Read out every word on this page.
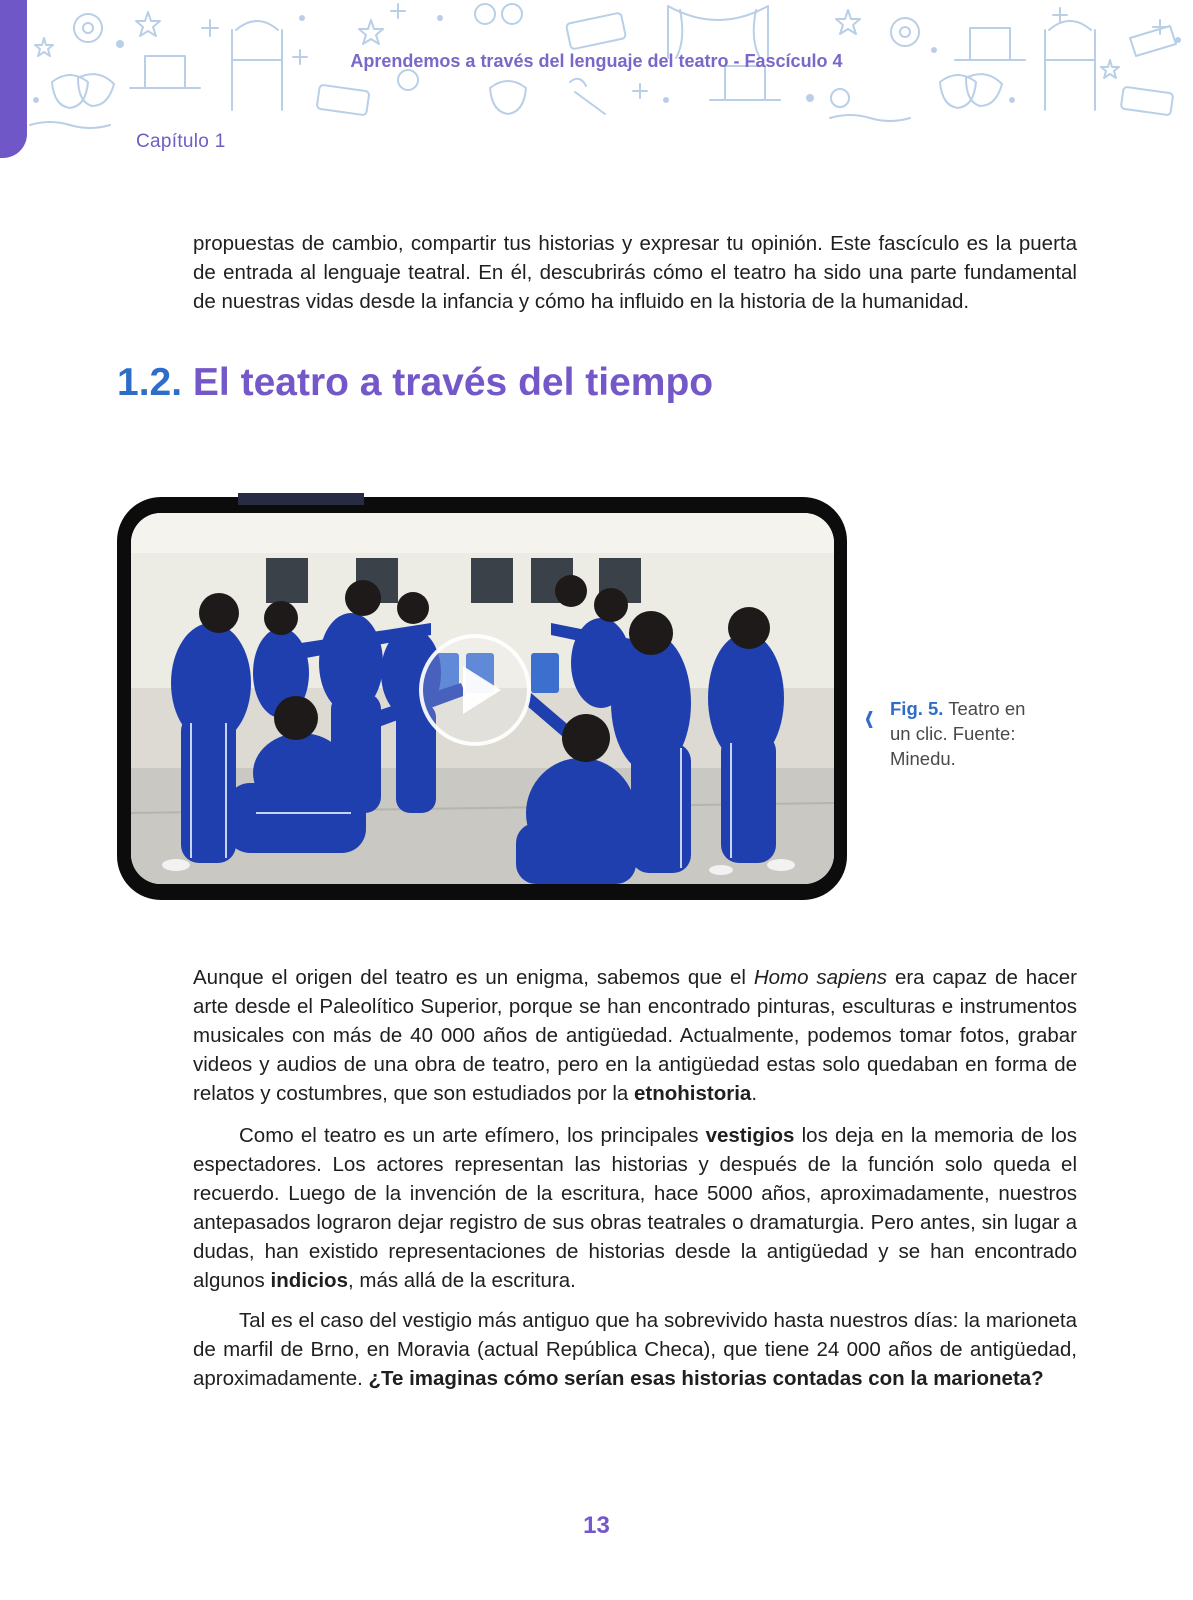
Aprendemos a través del lenguaje del teatro - Fascículo 4
Capítulo 1

propuestas de cambio, compartir tus historias y expresar tu opinión. Este fascículo es la puerta de entrada al lenguaje teatral. En él, descubrirás cómo el teatro ha sido una parte fundamental de nuestras vidas desde la infancia y cómo ha influido en la historia de la humanidad.

1.2. El teatro a través del tiempo
‹ Fig. 5. Teatro en un clic. Fuente: Minedu.

Aunque el origen del teatro es un enigma, sabemos que el Homo sapiens era capaz de hacer arte desde el Paleolítico Superior, porque se han encontrado pinturas, esculturas e instrumentos musicales con más de 40 000 años de antigüedad. Actualmente, podemos tomar fotos, grabar videos y audios de una obra de teatro, pero en la antigüedad estas solo quedaban en forma de relatos y costumbres, que son estudiados por la etnohistoria.

Como el teatro es un arte efímero, los principales vestigios los deja en la memoria de los espectadores. Los actores representan las historias y después de la función solo queda el recuerdo. Luego de la invención de la escritura, hace 5000 años, aproximadamente, nuestros antepasados lograron dejar registro de sus obras teatrales o dramaturgia. Pero antes, sin lugar a dudas, han existido representaciones de historias desde la antigüedad y se han encontrado algunos indicios, más allá de la escritura.

Tal es el caso del vestigio más antiguo que ha sobrevivido hasta nuestros días: la marioneta de marfil de Brno, en Moravia (actual República Checa), que tiene 24 000 años de antigüedad, aproximadamente. ¿Te imaginas cómo serían esas historias contadas con la marioneta?

13
